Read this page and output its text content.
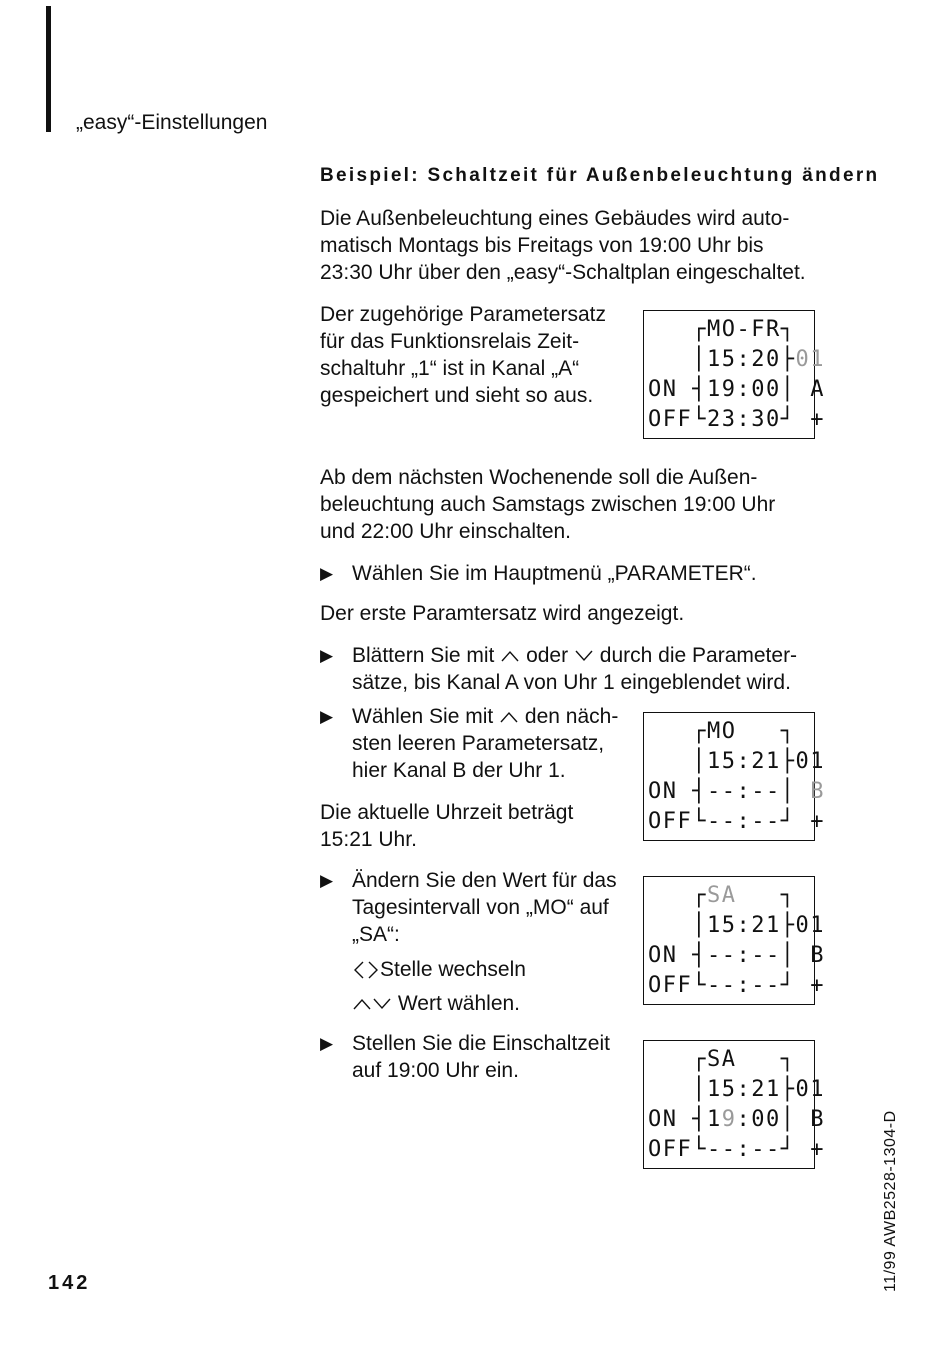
„easy“-Einstellungen
Beispiel: Schaltzeit für Außenbeleuchtung ändern
Die Außenbeleuchtung eines Gebäudes wird auto-
matisch Montags bis Freitags von 19:00 Uhr bis
23:30 Uhr über den „easy“-Schaltplan eingeschaltet.
Der zugehörige Parametersatz
für das Funktionsrelais Zeit-
schaltuhr „1“ ist in Kanal „A“
gespeichert und sieht so aus.
┌MO-FR┐
│15:20├01
ON ┤19:00│ A
OFF└23:30┘ +
Ab dem nächsten Wochenende soll die Außen-
beleuchtung auch Samstags zwischen 19:00 Uhr
und 22:00 Uhr einschalten.
▶ Wählen Sie im Hauptmenü „PARAMETER“.
Der erste Paramtersatz wird angezeigt.
▶ Blättern Sie mit oder durch die Parameter-
sätze, bis Kanal A von Uhr 1 eingeblendet wird.
▶ Wählen Sie mit den näch-
sten leeren Parametersatz,
hier Kanal B der Uhr 1.
┌MO   ┐
│15:21├01
ON ┤--:--│ B
OFF└--:--┘ +
Die aktuelle Uhrzeit beträgt
15:21 Uhr.
▶ Ändern Sie den Wert für das
Tagesintervall von „MO“ auf
„SA“:
Stelle wechseln
Wert wählen.
┌SA   ┐
│15:21├01
ON ┤--:--│ B
OFF└--:--┘ +
▶ Stellen Sie die Einschaltzeit
auf 19:00 Uhr ein.	┌SA   ┐
│15:21├01
ON ┤19:00│ B
OFF└--:--┘ +
142	11/99 AWB2528-1304-D
